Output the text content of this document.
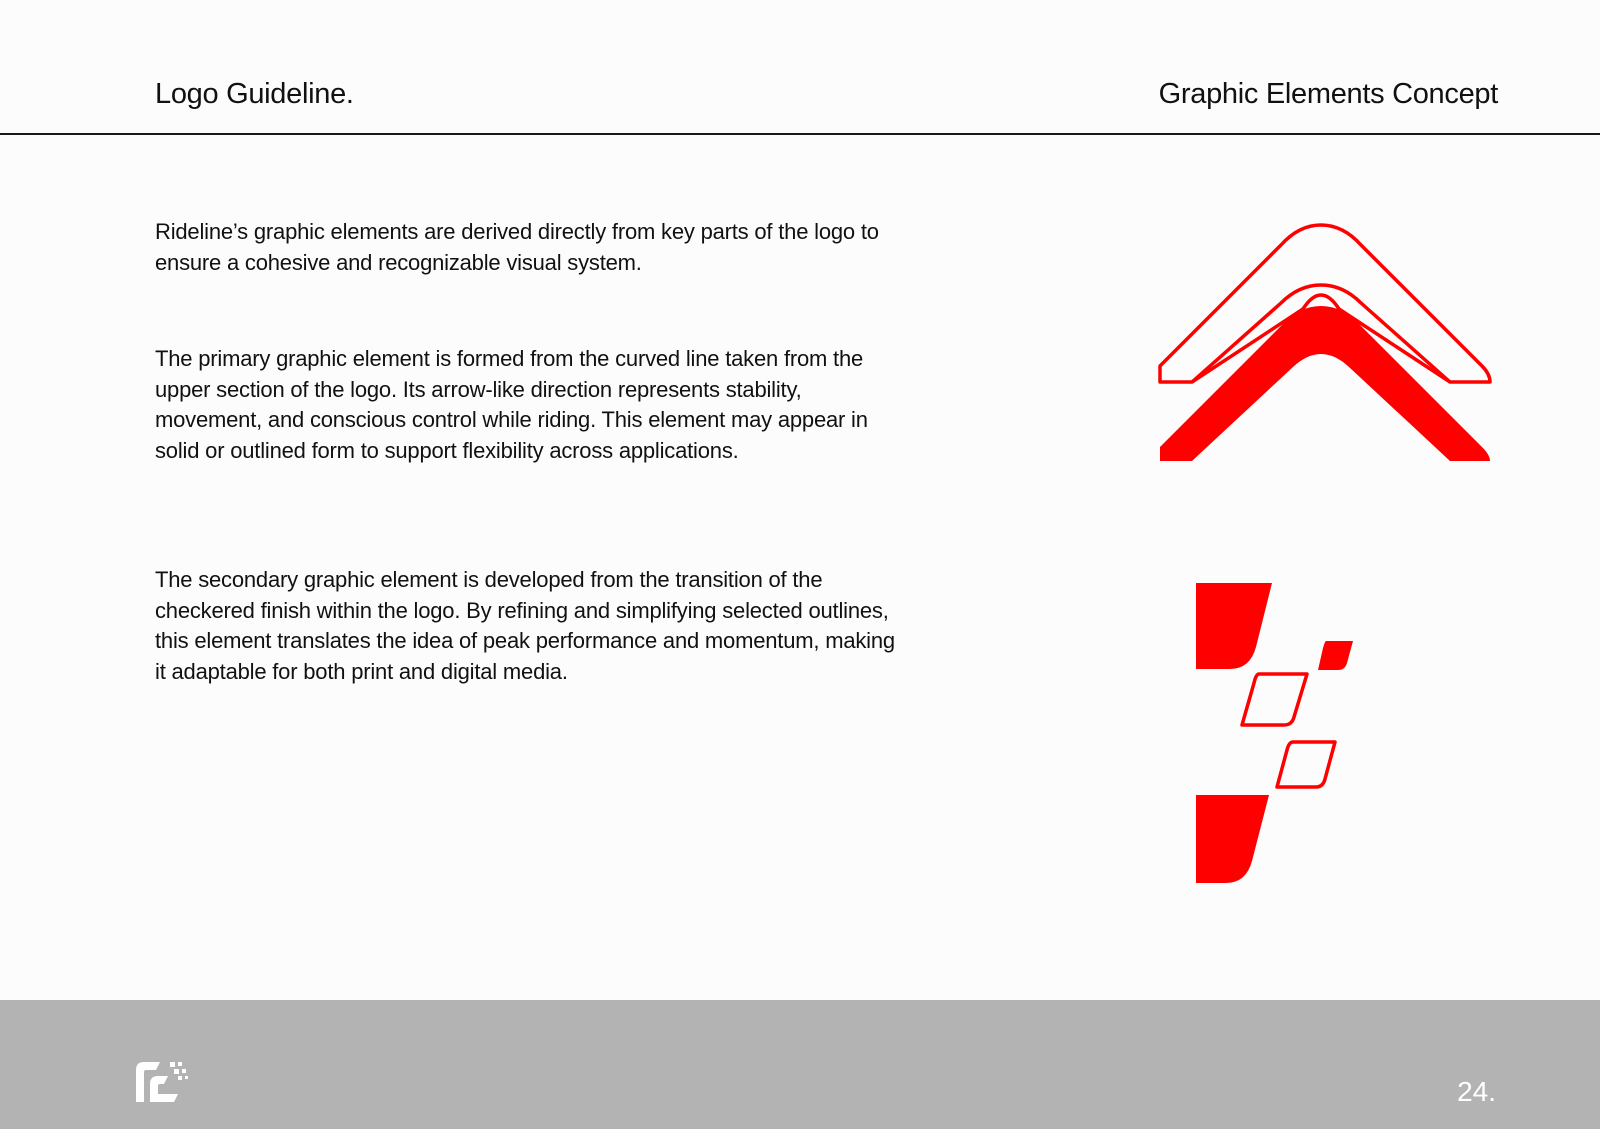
Logo Guideline.	Graphic Elements Concept

Rideline’s graphic elements are derived directly from key parts of the logo to ensure a cohesive and recognizable visual system.

The primary graphic element is formed from the curved line taken from the upper section of the logo. Its arrow-like direction represents stability, movement, and conscious control while riding. This element may appear in solid or outlined form to support flexibility across applications.

The secondary graphic element is developed from the transition of the checkered finish within the logo. By refining and simplifying selected outlines, this element translates the idea of peak performance and momentum, making it adaptable for both print and digital media.

24.
